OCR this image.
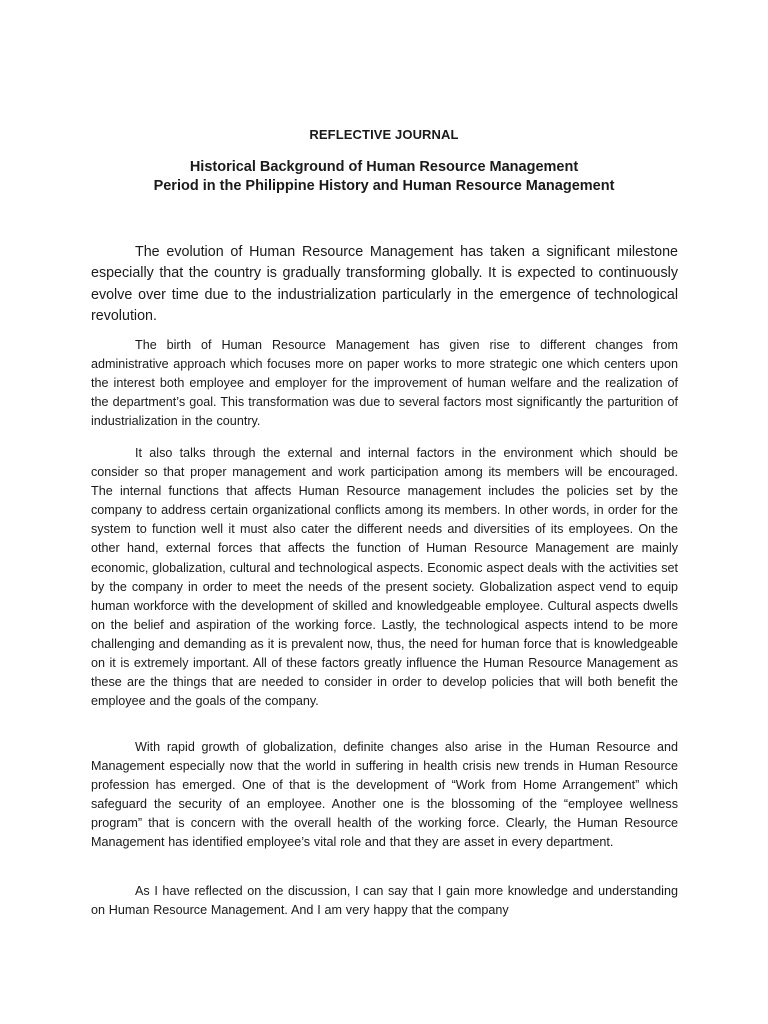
REFLECTIVE JOURNAL
Historical Background of Human Resource Management
Period in the Philippine History and Human Resource Management

The evolution of Human Resource Management has taken a significant milestone especially that the country is gradually transforming globally. It is expected to continuously evolve over time due to the industrialization particularly in the emergence of technological revolution.

The birth of Human Resource Management has given rise to different changes from administrative approach which focuses more on paper works to more strategic one which centers upon the interest both employee and employer for the improvement of human welfare and the realization of the department’s goal. This transformation was due to several factors most significantly the parturition of industrialization in the country.

It also talks through the external and internal factors in the environment which should be consider so that proper management and work participation among its members will be encouraged. The internal functions that affects Human Resource management includes the policies set by the company to address certain organizational conflicts among its members. In other words, in order for the system to function well it must also cater the different needs and diversities of its employees. On the other hand, external forces that affects the function of Human Resource Management are mainly economic, globalization, cultural and technological aspects. Economic aspect deals with the activities set by the company in order to meet the needs of the present society. Globalization aspect vend to equip human workforce with the development of skilled and knowledgeable employee. Cultural aspects dwells on the belief and aspiration of the working force. Lastly, the technological aspects intend to be more challenging and demanding as it is prevalent now, thus, the need for human force that is knowledgeable on it is extremely important. All of these factors greatly influence the Human Resource Management as these are the things that are needed to consider in order to develop policies that will both benefit the employee and the goals of the company.

With rapid growth of globalization, definite changes also arise in the Human Resource and Management especially now that the world in suffering in health crisis new trends in Human Resource profession has emerged. One of that is the development of “Work from Home Arrangement” which safeguard the security of an employee. Another one is the blossoming of the “employee wellness program” that is concern with the overall health of the working force. Clearly, the Human Resource Management has identified employee’s vital role and that they are asset in every department.

As I have reflected on the discussion, I can say that I gain more knowledge and understanding on Human Resource Management. And I am very happy that the company
